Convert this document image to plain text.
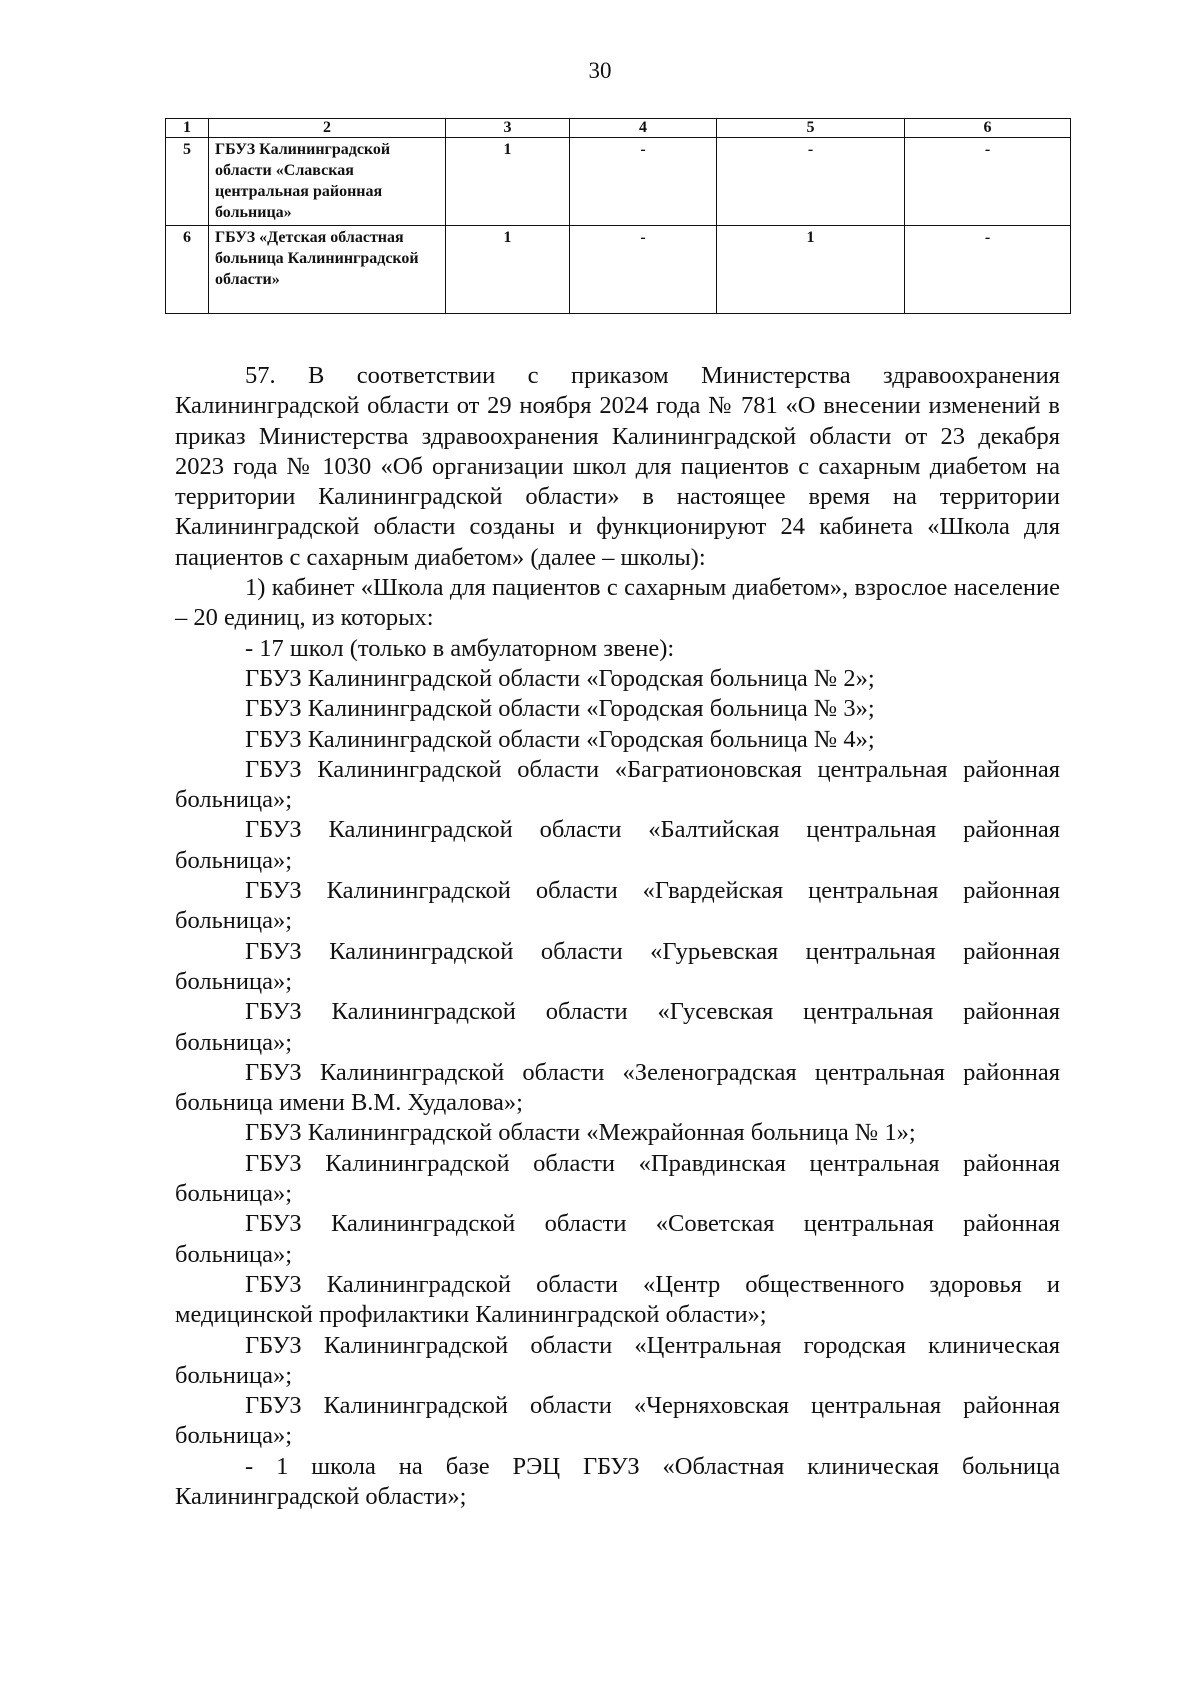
30
1	2	3	4	5	6
5	ГБУЗ Калининградской области «Славская центральная районная больница»	1	-	-	-
6	ГБУЗ «Детская областная больница Калининградской области»	1	-	1	-

57. В соответствии с приказом Министерства здравоохранения Калининградской области от 29 ноября 2024 года № 781 «О внесении изменений в приказ Министерства здравоохранения Калининградской области от 23 декабря 2023 года № 1030 «Об организации школ для пациентов с сахарным диабетом на территории Калининградской области» в настоящее время на территории Калининградской области созданы и функционируют 24 кабинета «Школа для пациентов с сахарным диабетом» (далее – школы):

1) кабинет «Школа для пациентов с сахарным диабетом», взрослое население – 20 единиц, из которых:

- 17 школ (только в амбулаторном звене):

ГБУЗ Калининградской области «Городская больница № 2»;

ГБУЗ Калининградской области «Городская больница № 3»;

ГБУЗ Калининградской области «Городская больница № 4»;

ГБУЗ Калининградской области «Багратионовская центральная районная больница»;

ГБУЗ Калининградской области «Балтийская центральная районная больница»;

ГБУЗ Калининградской области «Гвардейская центральная районная больница»;

ГБУЗ Калининградской области «Гурьевская центральная районная больница»;

ГБУЗ Калининградской области «Гусевская центральная районная больница»;

ГБУЗ Калининградской области «Зеленоградская центральная районная больница имени В.М. Худалова»;

ГБУЗ Калининградской области «Межрайонная больница № 1»;

ГБУЗ Калининградской области «Правдинская центральная районная больница»;

ГБУЗ Калининградской области «Советская центральная районная больница»;

ГБУЗ Калининградской области «Центр общественного здоровья и медицинской профилактики Калининградской области»;

ГБУЗ Калининградской области «Центральная городская клиническая больница»;

ГБУЗ Калининградской области «Черняховская центральная районная больница»;

- 1 школа на базе РЭЦ ГБУЗ «Областная клиническая больница Калининградской области»;
